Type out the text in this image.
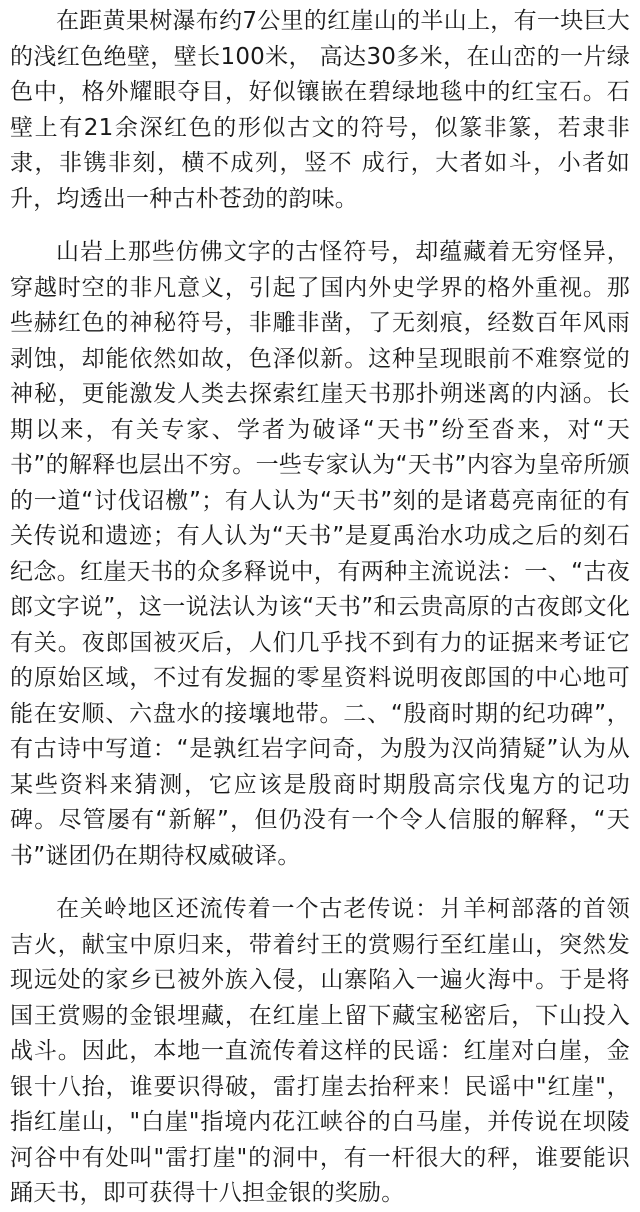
在距黄果树瀑布约7公里的红崖山的半山上，有一块巨大的浅红色绝壁，壁长100米， 高达30多米，在山峦的一片绿色中，格外耀眼夺目，好似镶嵌在碧绿地毯中的红宝石。石壁上有21余深红色的形似古文的符号，似篆非篆，若隶非隶，非镌非刻，横不成列，竖不 成行，大者如斗，小者如升，均透出一种古朴苍劲的韵味。

山岩上那些仿佛文字的古怪符号，却蕴藏着无穷怪异，穿越时空的非凡意义，引起了国内外史学界的格外重视。那些赫红色的神秘符号，非雕非凿，了无刻痕，经数百年风雨剥蚀，却能依然如故，色泽似新。这种呈现眼前不难察觉的神秘，更能激发人类去探索红崖天书那扑朔迷离的内涵。长期以来，有关专家、学者为破译“天书”纷至沓来，对“天书”的解释也层出不穷。一些专家认为“天书”内容为皇帝所颁的一道“讨伐诏檄”；有人认为“天书”刻的是诸葛亮南征的有关传说和遗迹；有人认为“天书”是夏禹治水功成之后的刻石纪念。红崖天书的众多释说中，有两种主流说法：一、“古夜郎文字说”，这一说法认为该“天书”和云贵高原的古夜郎文化有关。夜郎国被灭后，人们几乎找不到有力的证据来考证它的原始区域，不过有发掘的零星资料说明夜郎国的中心地可能在安顺、六盘水的接壤地带。二、“殷商时期的纪功碑”，有古诗中写道：“是孰红岩字问奇，为殷为汉尚猜疑”认为从某些资料来猜测，它应该是殷商时期殷高宗伐鬼方的记功碑。尽管屡有“新解”，但仍没有一个令人信服的解释，“天书”谜团仍在期待权威破译。

在关岭地区还流传着一个古老传说：爿羊柯部落的首领吉火，献宝中原归来，带着纣王的赏赐行至红崖山，突然发现远处的家乡已被外族入侵，山寨陷入一遍火海中。于是将国王赏赐的金银埋藏，在红崖上留下藏宝秘密后，下山投入战斗。因此，本地一直流传着这样的民谣：红崖对白崖，金银十八抬，谁要识得破，雷打崖去抬秤来！民谣中"红崖"，指红崖山，"白崖"指境内花江峡谷的白马崖，并传说在坝陵河谷中有处叫"雷打崖"的洞中，有一杆很大的秤，谁要能识踊天书，即可获得十八担金银的奖励。
